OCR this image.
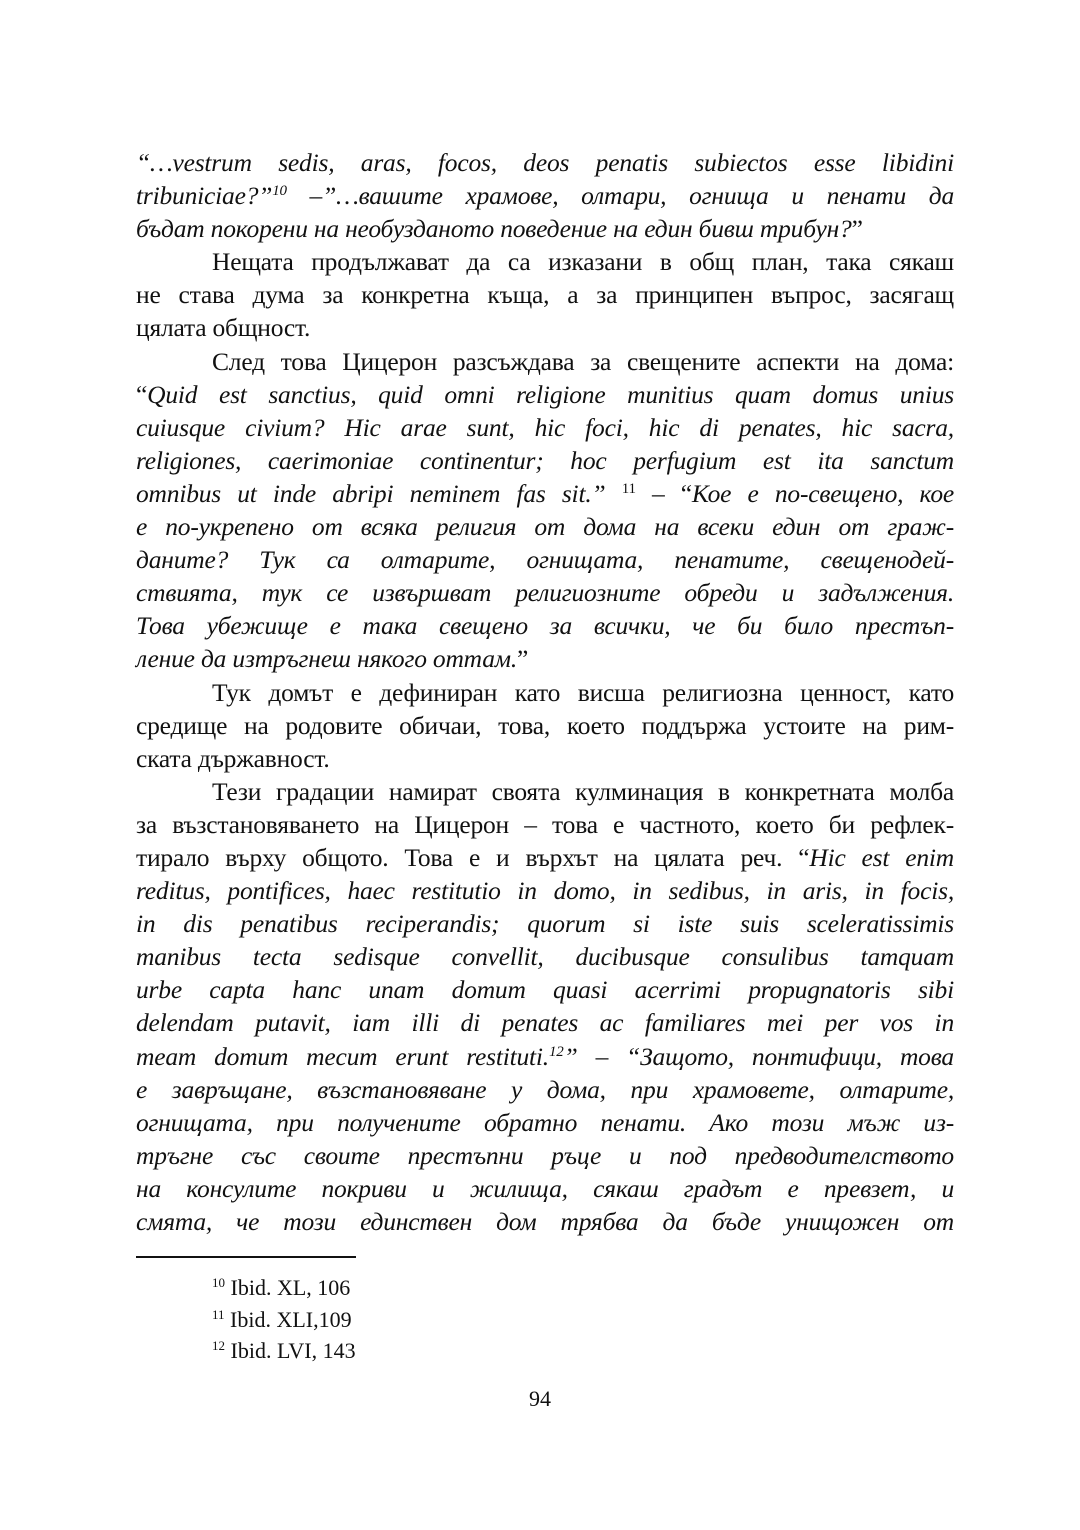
“…vestrum sedis, aras, focos, deos penatis subiectos esse libidini
tribuniciae?”$^{10}$ –”…вашите храмове, олтари, огнища и пенати да
бъдат покорени на необузданото поведение на един бивш трибун?”
Нещата продължават да са изказани в общ план, така сякаш
не става дума за конкретна къща, а за принципен въпрос, засягащ
цялата общност.
След това Цицерон разсъждава за свещените аспекти на дома:
“Quid est sanctius, quid omni religione munitius quam domus unius
cuiusque civium? Hic arae sunt, hic foci, hic di penates, hic sacra,
religiones, caerimoniae continentur; hoc perfugium est ita sanctum
omnibus ut inde abripi neminem fas sit.” $^{11}$ – “Кое е по-свещено, кое
е по-укрепено от всяка религия от дома на всеки един от граж-
даните? Тук са олтарите, огнищата, пенатите, свещенодей-
ствията, тук се извършват религиозните обреди и задължения.
Това убежище е така свещено за всички, че би било престъп-
ление да изтръгнеш някого оттам.”
Тук домът е дефиниран като висша религиозна ценност, като
средище на родовите обичаи, това, което поддържа устоите на рим-
ската държавност.
Тези градации намират своята кулминация в конкретната молба
за възстановяването на Цицерон – това е частното, което би рефлек-
тирало върху общото. Това е и върхът на цялата реч. “Hic est enim
reditus, pontifices, haec restitutio in domo, in sedibus, in aris, in focis,
in dis penatibus reciperandis; quorum si iste suis sceleratissimis
manibus tecta sedisque convellit, ducibusque consulibus tamquam
urbe capta hanc unam domum quasi acerrimi propugnatoris sibi
delendam putavit, iam illi di penates ac familiares mei per vos in
meam domum mecum erunt restituti.$^{12}$” – “Защото, понтифици, това
е завръщане, възстановяване у дома, при храмовете, олтарите,
огнищата, при получените обратно пенати. Ако този мъж из-
тръгне със своите престъпни ръце и под предводителството
на консулите покриви и жилища, сякаш градът е превзет, и
смята, че този единствен дом трябва да бъде унищожен от
$^{10}$ Ibid. XL, 106
$^{11}$ Ibid. XLI,109
$^{12}$ Ibid. LVI, 143
94
